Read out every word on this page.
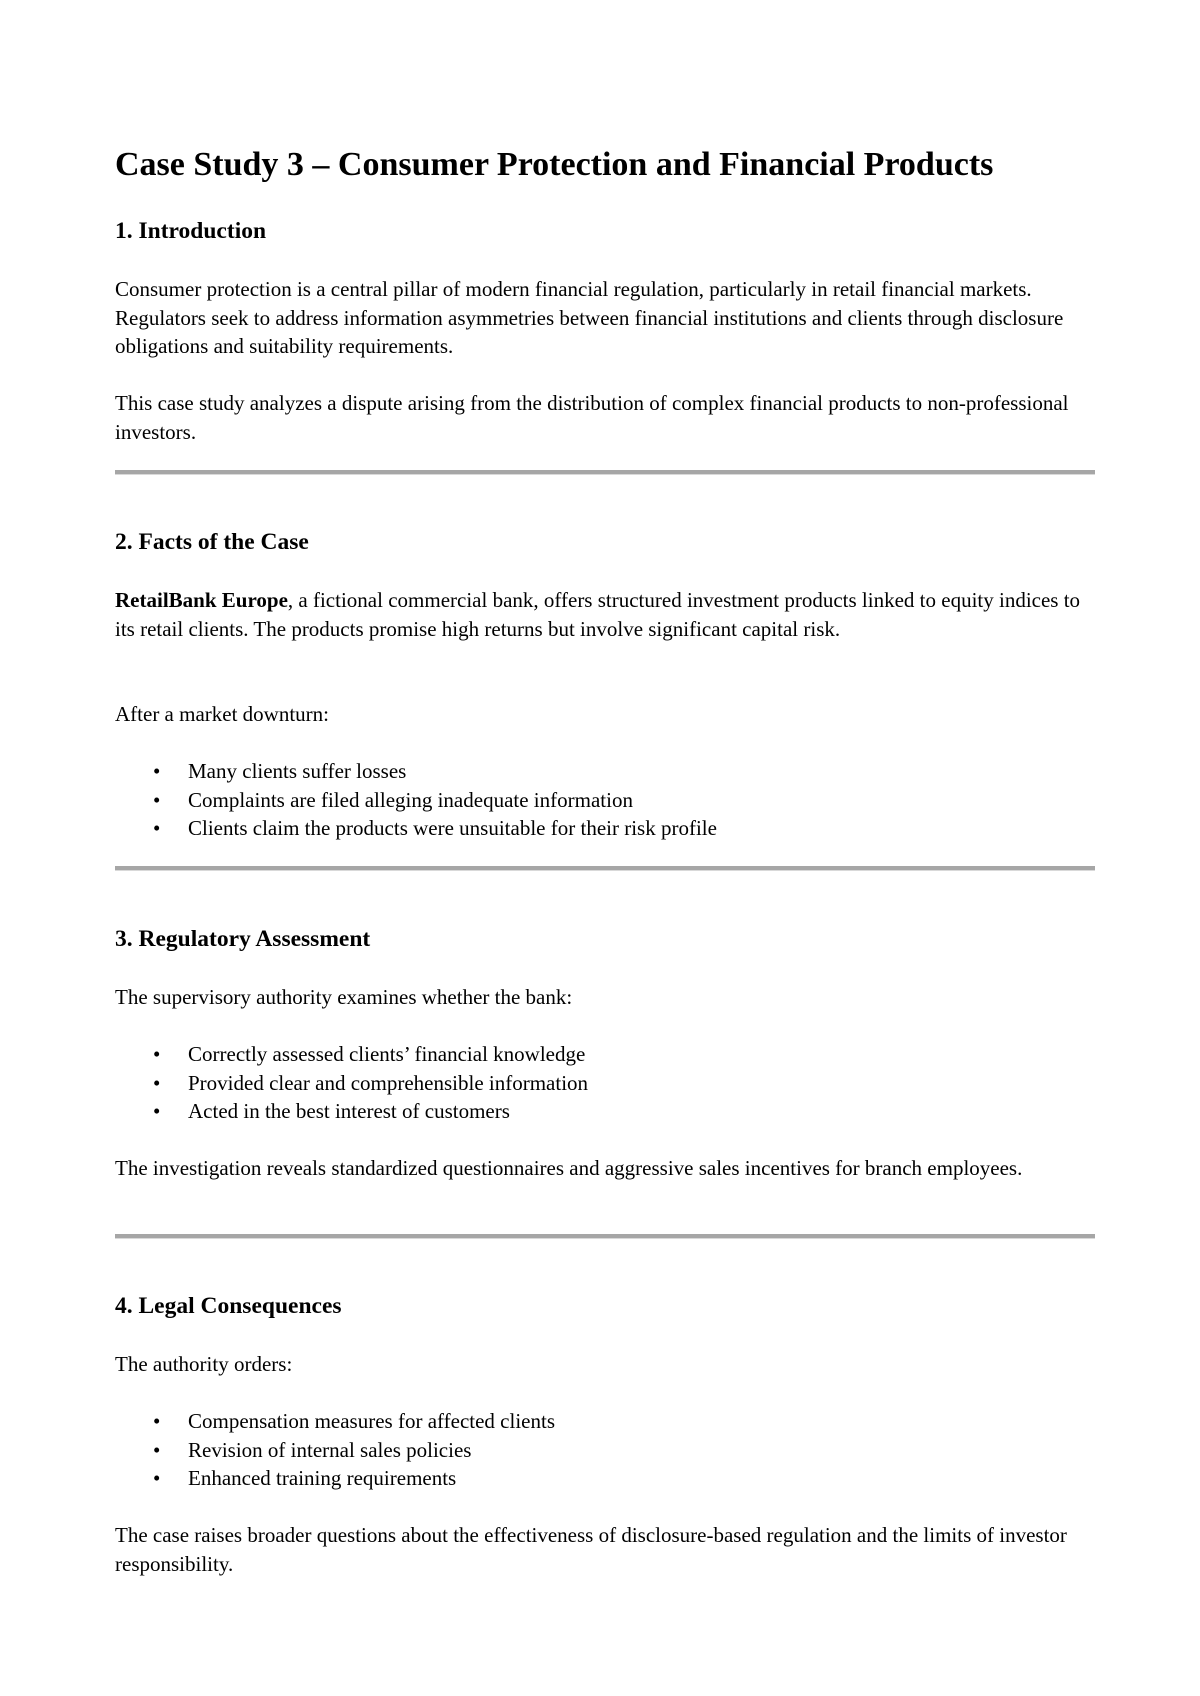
Case Study 3 – Consumer Protection and Financial Products
1. Introduction

Consumer protection is a central pillar of modern financial regulation, particularly in retail financial markets. Regulators seek to address information asymmetries between financial institutions and clients through disclosure obligations and suitability requirements.

This case study analyzes a dispute arising from the distribution of complex financial products to non-professional investors.

2. Facts of the Case

RetailBank Europe, a fictional commercial bank, offers structured investment products linked to equity indices to its retail clients. The products promise high returns but involve significant capital risk.

After a market downturn:

• Many clients suffer losses
• Complaints are filed alleging inadequate information
• Clients claim the products were unsuitable for their risk profile
3. Regulatory Assessment

The supervisory authority examines whether the bank:

• Correctly assessed clients’ financial knowledge
• Provided clear and comprehensible information
• Acted in the best interest of customers

The investigation reveals standardized questionnaires and aggressive sales incentives for branch employees.

4. Legal Consequences

The authority orders:

• Compensation measures for affected clients
• Revision of internal sales policies
• Enhanced training requirements

The case raises broader questions about the effectiveness of disclosure-based regulation and the limits of investor responsibility.
